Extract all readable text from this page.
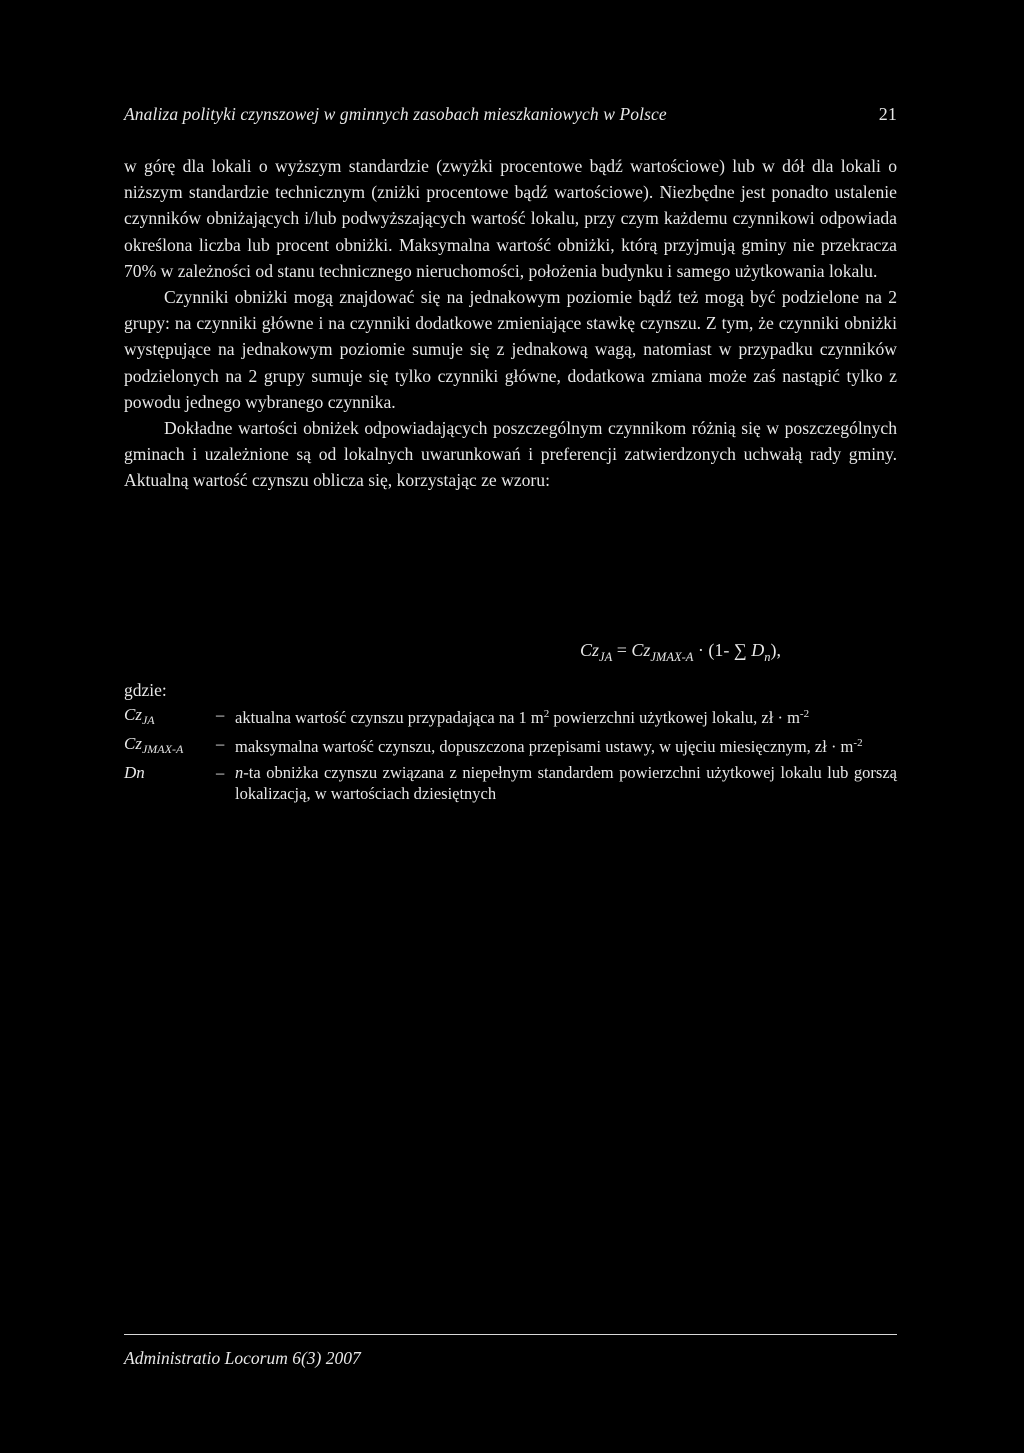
Analiza polityki czynszowej w gminnych zasobach mieszkaniowych w Polsce	21

w górę dla lokali o wyższym standardzie (zwyżki procentowe bądź wartościowe) lub w dół dla lokali o niższym standardzie technicznym (zniżki procentowe bądź wartościowe). Niezbędne jest ponadto ustalenie czynników obniżających i/lub podwyższających wartość lokalu, przy czym każdemu czynnikowi odpowiada określona liczba lub procent obniżki. Maksymalna wartość obniżki, którą przyjmują gminy nie przekracza 70% w zależności od stanu technicznego nieruchomości, położenia budynku i samego użytkowania lokalu.

Czynniki obniżki mogą znajdować się na jednakowym poziomie bądź też mogą być podzielone na 2 grupy: na czynniki główne i na czynniki dodatkowe zmieniające stawkę czynszu. Z tym, że czynniki obniżki występujące na jednakowym poziomie sumuje się z jednakową wagą, natomiast w przypadku czynników podzielonych na 2 grupy sumuje się tylko czynniki główne, dodatkowa zmiana może zaś nastąpić tylko z powodu jednego wybranego czynnika.

Dokładne wartości obniżek odpowiadających poszczególnym czynnikom różnią się w poszczególnych gminach i uzależnione są od lokalnych uwarunkowań i preferencji zatwierdzonych uchwałą rady gminy. Aktualną wartość czynszu oblicza się, korzystając ze wzoru:

$Cz_{JA} = Cz_{JMAX-A} \cdot (1-$ ∑ $D_n$),
gdzie:
$Cz_{JA}$	– aktualna wartość czynszu przypadająca na 1 $m^2$ powierzchni użytkowej lokalu, zł · $m^{-2}$
$Cz_{JMAX-A}$ – maksymalna wartość czynszu, dopuszczona przepisami ustawy, w ujęciu miesięcznym, zł · $m^{-2}$
Dn	– n-ta obniżka czynszu związana z niepełnym standardem powierzchni użytkowej lokalu lub gorszą lokalizacją, w wartościach dziesiętnych
Administratio Locorum 6(3) 2007
